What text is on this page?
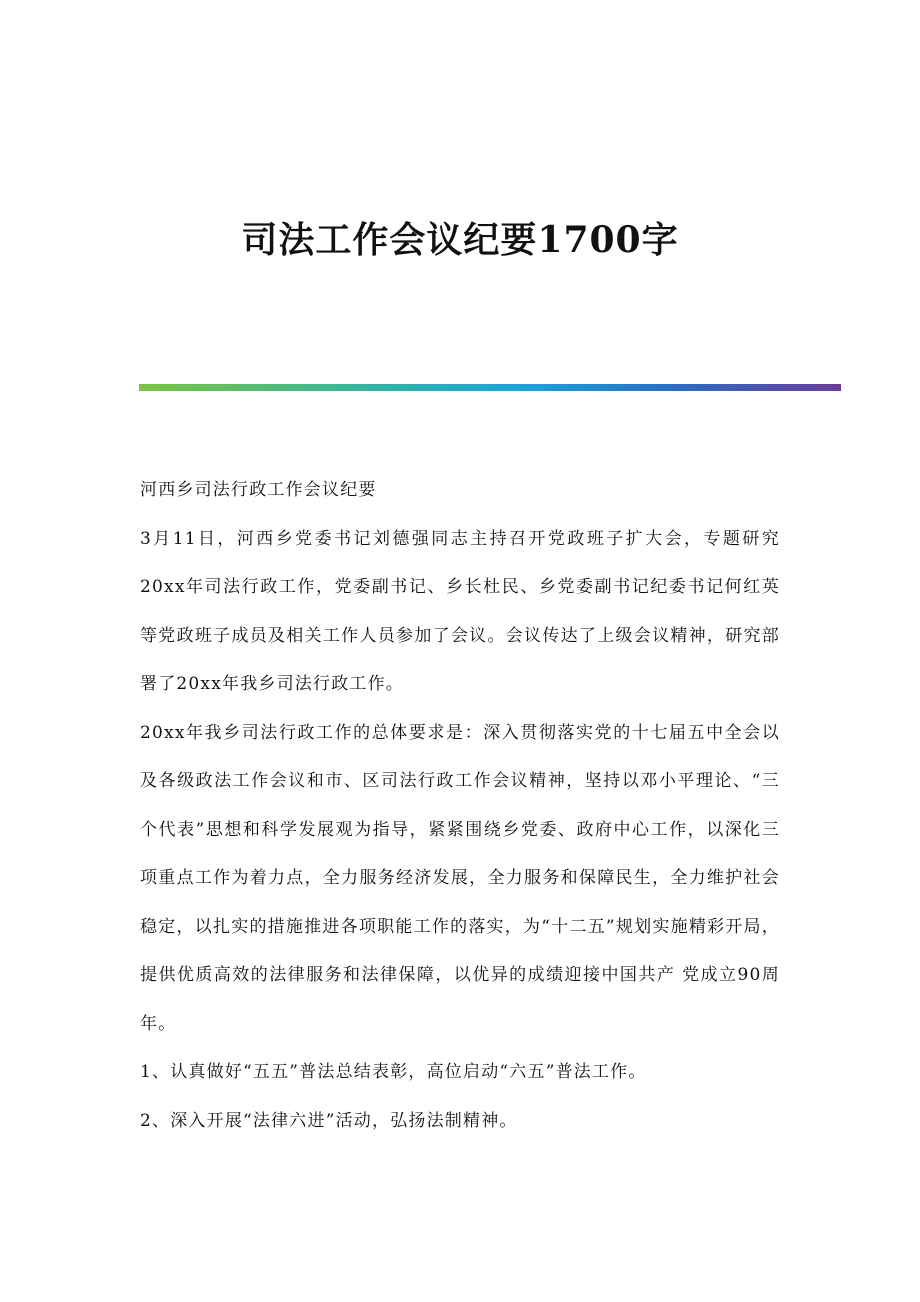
司法工作会议纪要1700字

河西乡司法行政工作会议纪要

3月11日，河西乡党委书记刘德强同志主持召开党政班子扩大会，专题研究20xx年司法行政工作，党委副书记、乡长杜民、乡党委副书记纪委书记何红英等党政班子成员及相关工作人员参加了会议。会议传达了上级会议精神，研究部署了20xx年我乡司法行政工作。

20xx年我乡司法行政工作的总体要求是：深入贯彻落实党的十七届五中全会以及各级政法工作会议和市、区司法行政工作会议精神，坚持以邓小平理论、“三个代表”思想和科学发展观为指导，紧紧围绕乡党委、政府中心工作，以深化三项重点工作为着力点，全力服务经济发展，全力服务和保障民生，全力维护社会稳定，以扎实的措施推进各项职能工作的落实，为“十二五”规划实施精彩开局，提供优质高效的法律服务和法律保障，以优异的成绩迎接中国共产 党成立90周年。

1、认真做好“五五”普法总结表彰，高位启动“六五”普法工作。

2、深入开展“法律六进”活动，弘扬法制精神。
